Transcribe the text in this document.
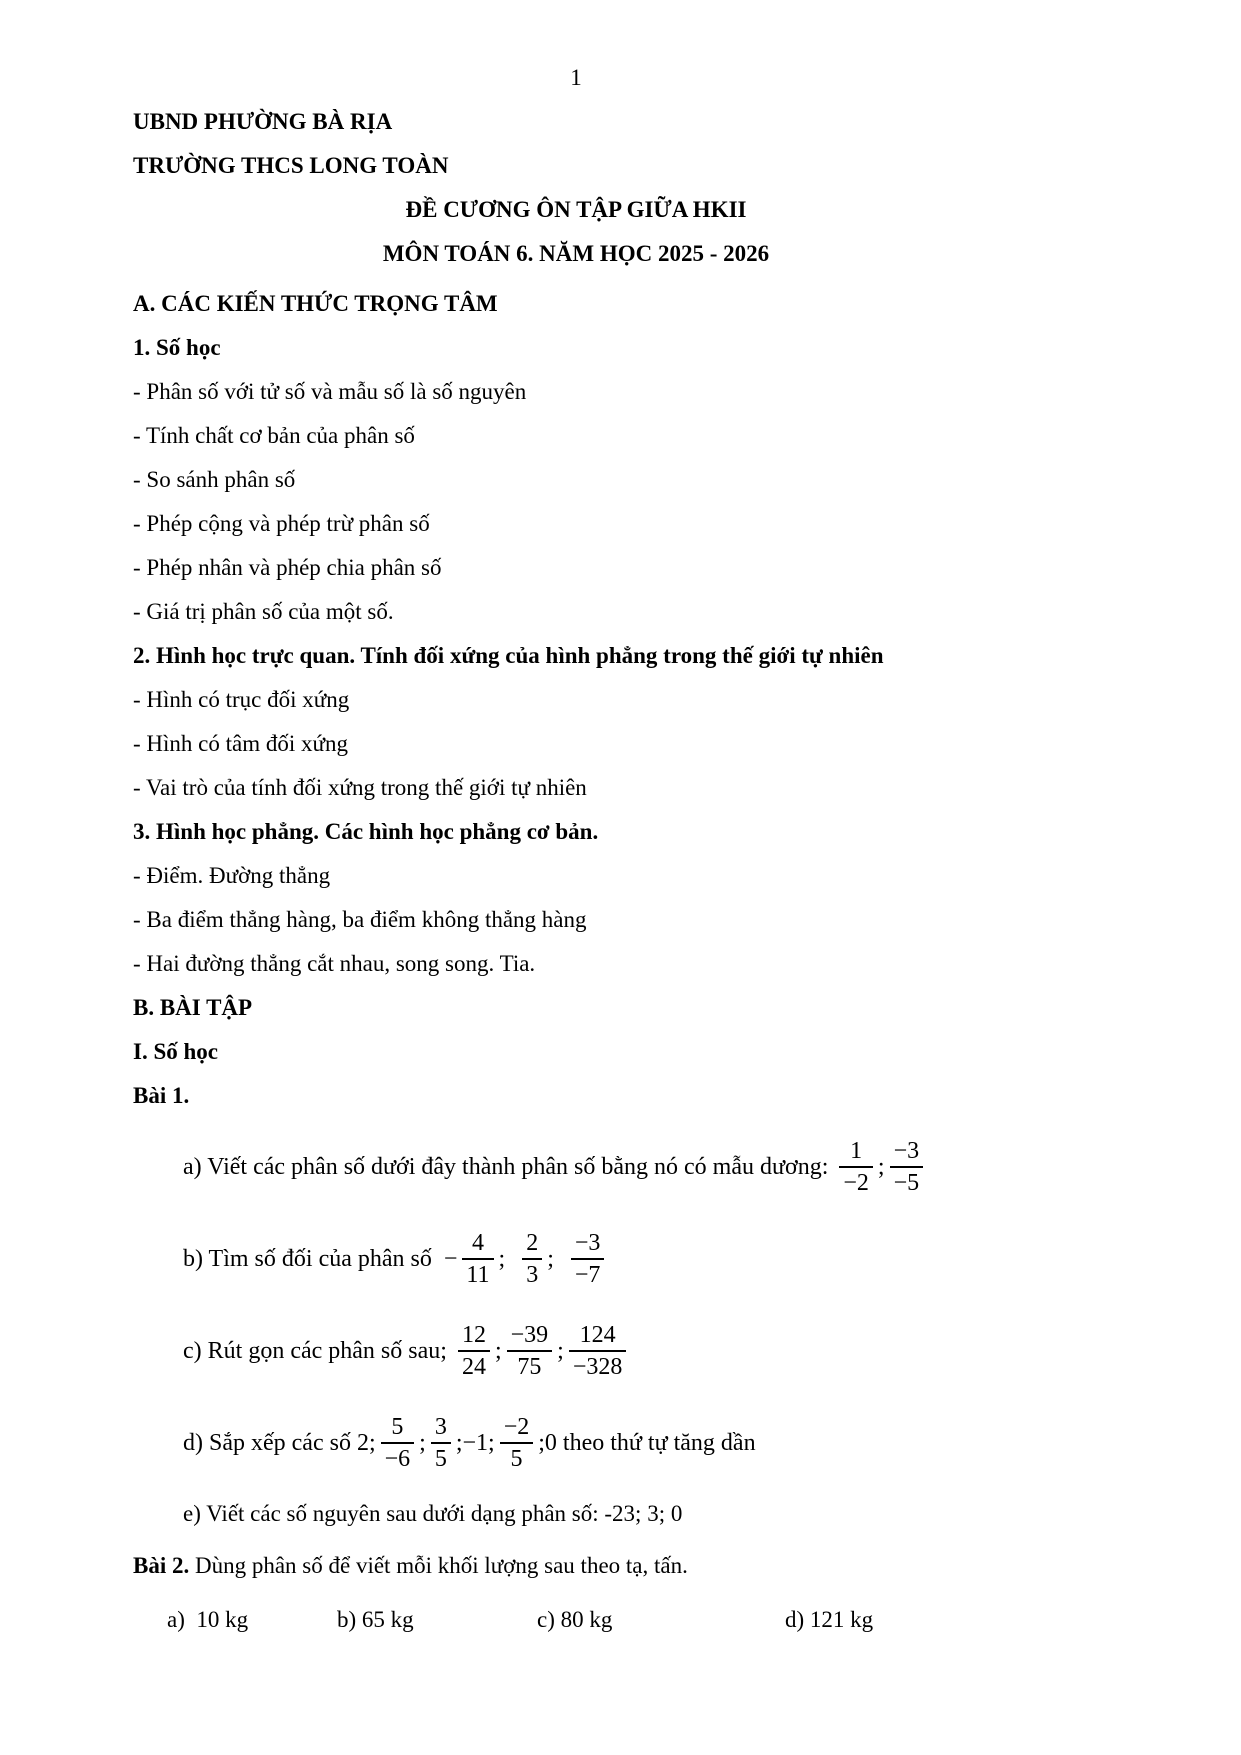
1
UBND PHƯỜNG BÀ RỊA
TRƯỜNG THCS LONG TOÀN
ĐỀ CƯƠNG ÔN TẬP GIỮA HKII
MÔN TOÁN 6. NĂM HỌC 2025 - 2026
A. CÁC KIẾN THỨC TRỌNG TÂM
1. Số học
- Phân số với tử số và mẫu số là số nguyên
- Tính chất cơ bản của phân số
- So sánh phân số
- Phép cộng và phép trừ phân số
- Phép nhân và phép chia phân số
- Giá trị phân số của một số.
2. Hình học trực quan. Tính đối xứng của hình phẳng trong thế giới tự nhiên
- Hình có trục đối xứng
- Hình có tâm đối xứng
- Vai trò của tính đối xứng trong thế giới tự nhiên
3. Hình học phẳng. Các hình học phẳng cơ bản.
- Điểm. Đường thẳng
- Ba điểm thẳng hàng, ba điểm không thẳng hàng
- Hai đường thẳng cắt nhau, song song. Tia.
B. BÀI TẬP
I. Số học
Bài 1.
a) Viết các phân số dưới đây thành phân số bằng nó có mẫu dương: $\frac{1}{-2}$ ; $\frac{-3}{-5}$
b) Tìm số đối của phân số  − $\frac{4}{11}$ ; $\frac{2}{3}$ ; $\frac{-3}{-7}$
c) Rút gọn các phân số sau; $\frac{12}{24}$ ; $\frac{-39}{75}$ ; $\frac{124}{-328}$
d) Sắp xếp các số 2; $\frac{5}{-6}$ ; $\frac{3}{5}$ ;−1; $\frac{-2}{5}$ ;0 theo thứ tự tăng dần
e) Viết các số nguyên sau dưới dạng phân số: -23; 3; 0
Bài 2. Dùng phân số để viết mỗi khối lượng sau theo tạ, tấn.
a)  10 kg	b) 65 kg	c) 80 kg	d) 121 kg
